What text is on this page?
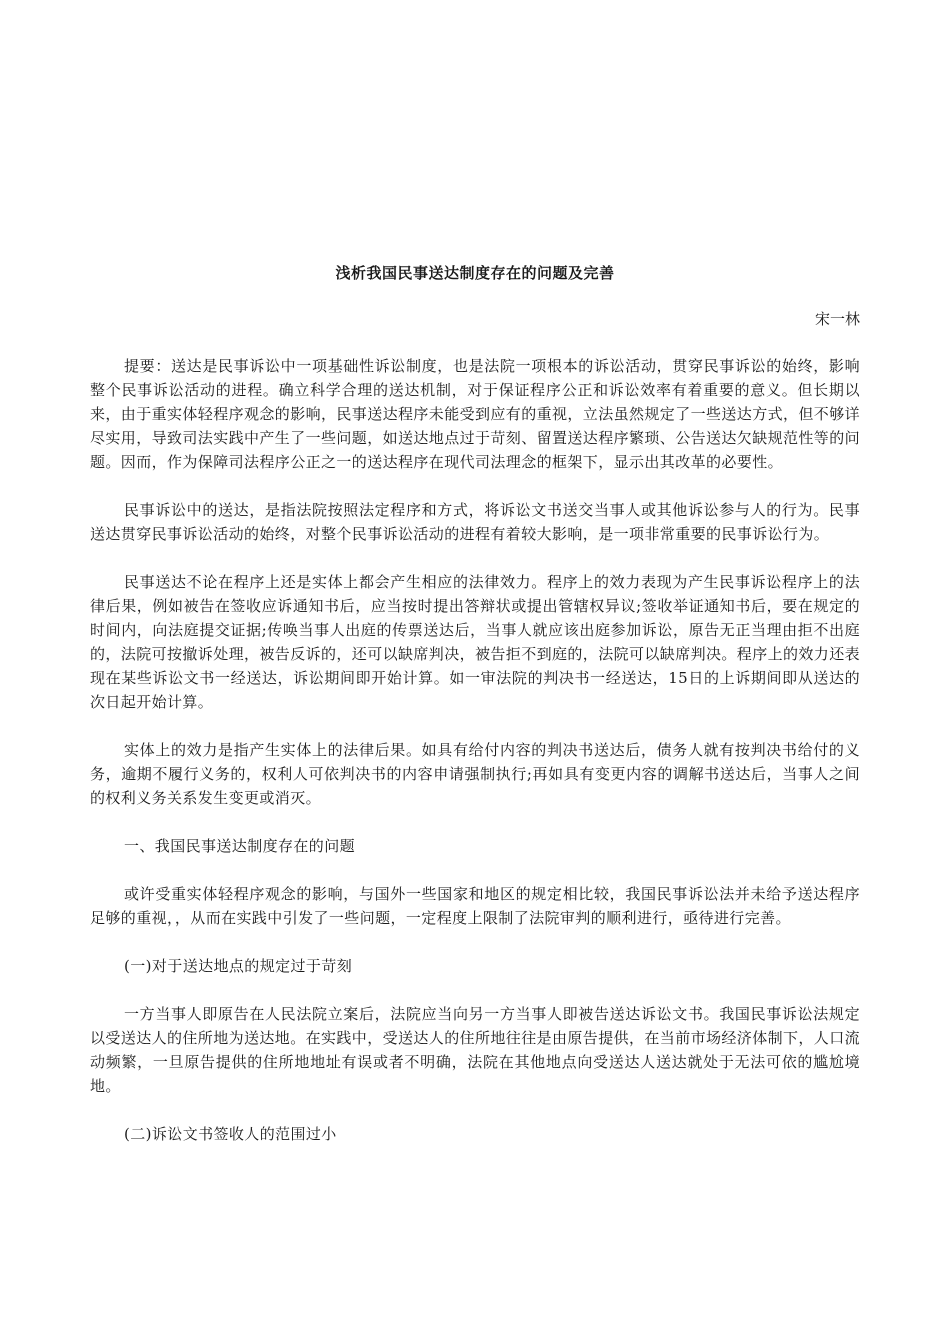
浅析我国民事送达制度存在的问题及完善
宋一林

提要：送达是民事诉讼中一项基础性诉讼制度，也是法院一项根本的诉讼活动，贯穿民事诉讼的始终，影响整个民事诉讼活动的进程。确立科学合理的送达机制，对于保证程序公正和诉讼效率有着重要的意义。但长期以来，由于重实体轻程序观念的影响，民事送达程序未能受到应有的重视，立法虽然规定了一些送达方式，但不够详尽实用，导致司法实践中产生了一些问题，如送达地点过于苛刻、留置送达程序繁琐、公告送达欠缺规范性等的问题。因而，作为保障司法程序公正之一的送达程序在现代司法理念的框架下，显示出其改革的必要性。

民事诉讼中的送达，是指法院按照法定程序和方式，将诉讼文书送交当事人或其他诉讼参与人的行为。民事送达贯穿民事诉讼活动的始终，对整个民事诉讼活动的进程有着较大影响，是一项非常重要的民事诉讼行为。

民事送达不论在程序上还是实体上都会产生相应的法律效力。程序上的效力表现为产生民事诉讼程序上的法律后果，例如被告在签收应诉通知书后，应当按时提出答辩状或提出管辖权异议;签收举证通知书后，要在规定的时间内，向法庭提交证据;传唤当事人出庭的传票送达后，当事人就应该出庭参加诉讼，原告无正当理由拒不出庭的，法院可按撤诉处理，被告反诉的，还可以缺席判决，被告拒不到庭的，法院可以缺席判决。程序上的效力还表现在某些诉讼文书一经送达，诉讼期间即开始计算。如一审法院的判决书一经送达，15日的上诉期间即从送达的次日起开始计算。

实体上的效力是指产生实体上的法律后果。如具有给付内容的判决书送达后，债务人就有按判决书给付的义务，逾期不履行义务的，权利人可依判决书的内容申请强制执行;再如具有变更内容的调解书送达后，当事人之间的权利义务关系发生变更或消灭。

一、我国民事送达制度存在的问题

或许受重实体轻程序观念的影响，与国外一些国家和地区的规定相比较，我国民事诉讼法并未给予送达程序足够的重视，，从而在实践中引发了一些问题，一定程度上限制了法院审判的顺利进行，亟待进行完善。

(一)对于送达地点的规定过于苛刻

一方当事人即原告在人民法院立案后，法院应当向另一方当事人即被告送达诉讼文书。我国民事诉讼法规定以受送达人的住所地为送达地。在实践中，受送达人的住所地往往是由原告提供，在当前市场经济体制下，人口流动频繁，一旦原告提供的住所地地址有误或者不明确，法院在其他地点向受送达人送达就处于无法可依的尴尬境地。

(二)诉讼文书签收人的范围过小
